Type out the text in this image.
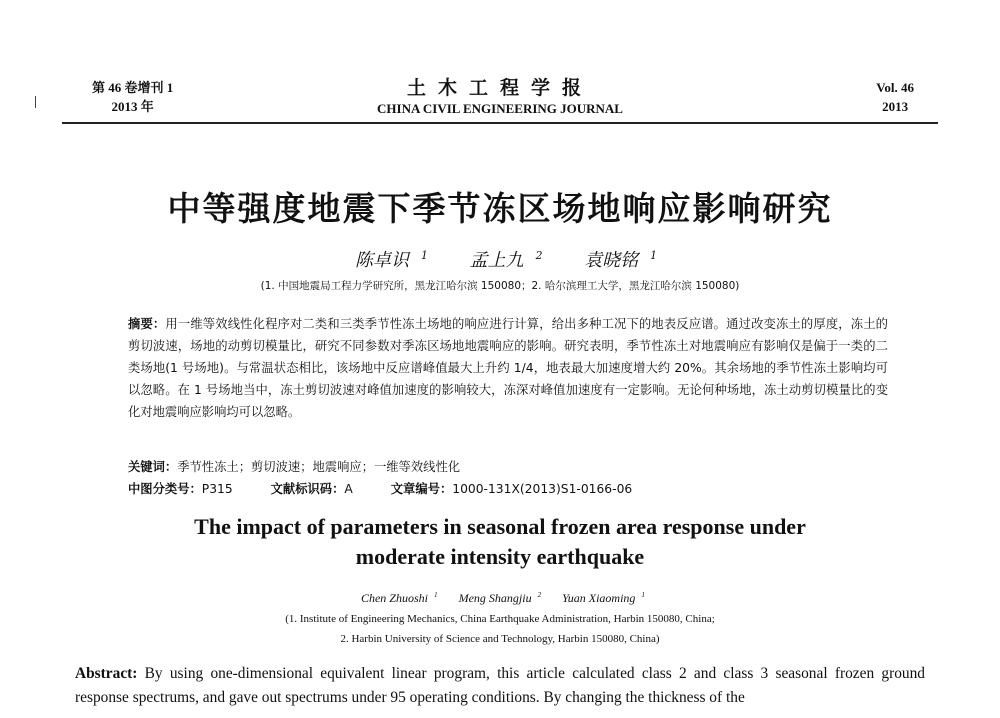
第 46 卷增刊 1
2013 年
土木工程学报
CHINA CIVIL ENGINEERING JOURNAL
Vol. 46
2013
中等强度地震下季节冻区场地响应影响研究
陈卓识 $^1$ 孟上九 $^2$ 袁晓铭 $^1$
(1. 中国地震局工程力学研究所，黑龙江哈尔滨 150080；2. 哈尔滨理工大学，黑龙江哈尔滨 150080)
摘要：用一维等效线性化程序对二类和三类季节性冻土场地的响应进行计算，给出多种工况下的地表反应谱。通过改变冻土的厚度，冻土的剪切波速，场地的动剪切模量比，研究不同参数对季冻区场地地震响应的影响。研究表明，季节性冻土对地震响应有影响仅是偏于一类的二类场地(1 号场地)。与常温状态相比，该场地中反应谱峰值最大上升约 1/4，地表最大加速度增大约 20%。其余场地的季节性冻土影响均可以忽略。在 1 号场地当中，冻土剪切波速对峰值加速度的影响较大，冻深对峰值加速度有一定影响。无论何种场地，冻土动剪切模量比的变化对地震响应影响均可以忽略。
关键词：季节性冻土；剪切波速；地震响应；一维等效线性化
中图分类号：P315	文献标识码：A	文章编号：1000-131X(2013)S1-0166-06
The impact of parameters in seasonal frozen area response under
moderate intensity earthquake
Chen Zhuoshi $^1$ Meng Shangjiu $^2$ Yuan Xiaoming $^1$
(1. Institute of Engineering Mechanics, China Earthquake Administration, Harbin 150080, China;
2. Harbin University of Science and Technology, Harbin 150080, China)
Abstract: By using one-dimensional equivalent linear program, this article calculated class 2 and class 3 seasonal frozen ground response spectrums, and gave out spectrums under 95 operating conditions. By changing the thickness of the
